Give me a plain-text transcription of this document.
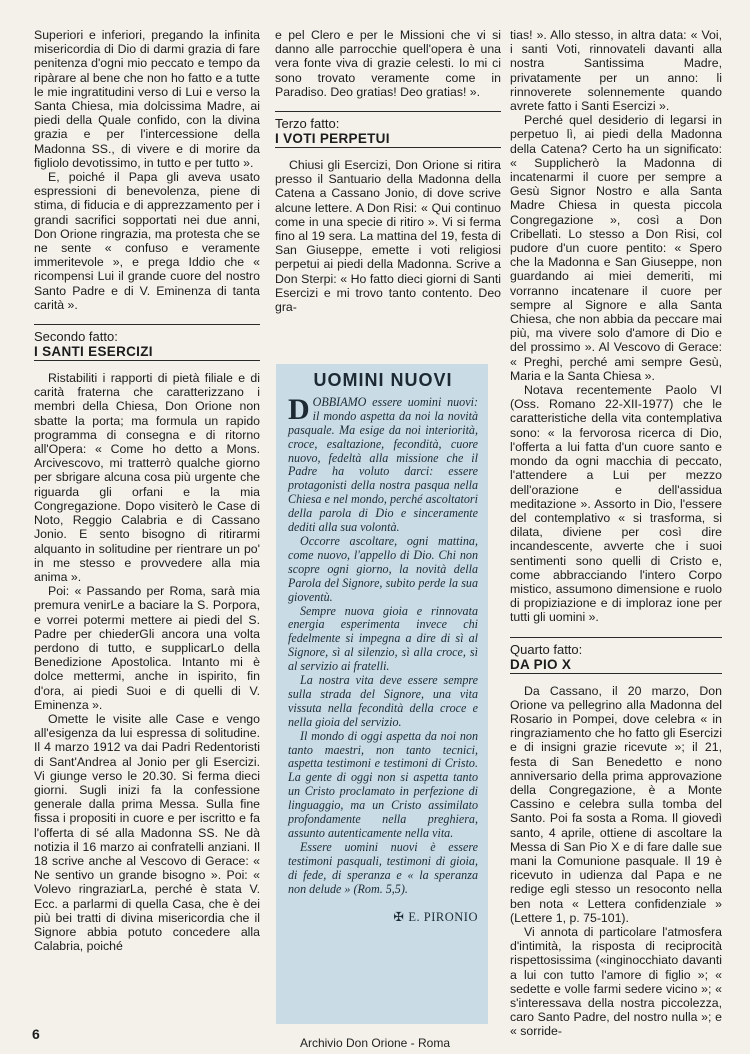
Superiori e inferiori, pregando la infinita misericordia di Dio di darmi grazia di fare penitenza d'ogni mio peccato e tempo da ripàrare al bene che non ho fatto e a tutte le mie ingratitudini verso di Lui e verso la Santa Chiesa, mia dolcissima Madre, ai piedi della Quale confido, con la divina grazia e per l'intercessione della Madonna SS., di vivere e di morire da figliolo devotissimo, in tutto e per tutto ».

E, poiché il Papa gli aveva usato espressioni di benevolenza, piene di stima, di fiducia e di apprezzamento per i grandi sacrifici sopportati nei due anni, Don Orione ringrazia, ma protesta che se ne sente « confuso e veramente immeritevole », e prega Iddio che « ricompensi Lui il grande cuore del nostro Santo Padre e di V. Eminenza di tanta carità ».

Secondo fatto:

I SANTI ESERCIZI

Ristabiliti i rapporti di pietà filiale e di carità fraterna che caratterizzano i membri della Chiesa, Don Orione non sbatte la porta; ma formula un rapido programma di consegna e di ritorno all'Opera: « Come ho detto a Mons. Arcivescovo, mi tratterrò qualche giorno per sbrigare alcuna cosa più urgente che riguarda gli orfani e la mia Congregazione. Dopo visiterò le Case di Noto, Reggio Calabria e di Cassano Jonio. E sento bisogno di ritirarmi alquanto in solitudine per rientrare un po' in me stesso e provvedere alla mia anima ».

Poi: « Passando per Roma, sarà mia premura venirLe a baciare la S. Porpora, e vorrei potermi mettere ai piedi del S. Padre per chiederGli ancora una volta perdono di tutto, e supplicarLo della Benedizione Apostolica. Intanto mi è dolce mettermi, anche in ispirito, fin d'ora, ai piedi Suoi e di quelli di V. Eminenza ».

Omette le visite alle Case e vengo all'esigenza da lui espressa di solitudine. Il 4 marzo 1912 va dai Padri Redentoristi di Sant'Andrea al Jonio per gli Esercizi. Vi giunge verso le 20.30. Si ferma dieci giorni. Sugli inizi fa la confessione generale dalla prima Messa. Sulla fine fissa i propositi in cuore e per iscritto e fa l'offerta di sé alla Madonna SS. Ne dà notizia il 16 marzo ai confratelli anziani. Il 18 scrive anche al Vescovo di Gerace: « Ne sentivo un grande bisogno ». Poi: « Volevo ringraziarLa, perché è stata V. Ecc. a parlarmi di quella Casa, che è dei più bei tratti di divina misericordia che il Signore abbia potuto concedere alla Calabria, poiché

e pel Clero e per le Missioni che vi si danno alle parrocchie quell'opera è una vera fonte viva di grazie celesti. Io mi ci sono trovato veramente come in Paradiso. Deo gratias! Deo gratias! ».

Terzo fatto:

I VOTI PERPETUI

Chiusi gli Esercizi, Don Orione si ritira presso il Santuario della Madonna della Catena a Cassano Jonio, di dove scrive alcune lettere. A Don Risi: « Qui continuo come in una specie di ritiro ». Vi si ferma fino al 19 sera. La mattina del 19, festa di San Giuseppe, emette i voti religiosi perpetui ai piedi della Madonna. Scrive a Don Sterpi: « Ho fatto dieci giorni di Santi Esercizi e mi trovo tanto contento. Deo gra-

UOMINI NUOVI

DOBBIAMO essere uomini nuovi: il mondo aspetta da noi la novità pasquale. Ma esige da noi interiorità, croce, esaltazione, fecondità, cuore nuovo, fedeltà alla missione che il Padre ha voluto darci: essere protagonisti della nostra pasqua nella Chiesa e nel mondo, perché ascoltatori della parola di Dio e sinceramente dediti alla sua volontà.

Occorre ascoltare, ogni mattina, come nuovo, l'appello di Dio. Chi non scopre ogni giorno, la novità della Parola del Signore, subito perde la sua gioventù.

Sempre nuova gioia e rinnovata energia esperimenta invece chi fedelmente si impegna a dire di sì al Signore, sì al silenzio, sì alla croce, sì al servizio ai fratelli.

La nostra vita deve essere sempre sulla strada del Signore, una vita vissuta nella fecondità della croce e nella gioia del servizio.

Il mondo di oggi aspetta da noi non tanto maestri, non tanto tecnici, aspetta testimoni e testimoni di Cristo. La gente di oggi non si aspetta tanto un Cristo proclamato in perfezione di linguaggio, ma un Cristo assimilato profondamente nella preghiera, assunto autenticamente nella vita.

Essere uomini nuovi è essere testimoni pasquali, testimoni di gioia, di fede, di speranza e « la speranza non delude » (Rom. 5,5).

✠ E. PIRONIO

tias! ». Allo stesso, in altra data: « Voi, i santi Voti, rinnovateli davanti alla nostra Santissima Madre, privatamente per un anno: li rinnoverete solennemente quando avrete fatto i Santi Esercizi ».

Perché quel desiderio di legarsi in perpetuo lì, ai piedi della Madonna della Catena? Certo ha un significato: « Supplicherò la Madonna di incatenarmi il cuore per sempre a Gesù Signor Nostro e alla Santa Madre Chiesa in questa piccola Congregazione », così a Don Cribellati. Lo stesso a Don Risi, col pudore d'un cuore pentito: « Spero che la Madonna e San Giuseppe, non guardando ai miei demeriti, mi vorranno incatenare il cuore per sempre al Signore e alla Santa Chiesa, che non abbia da peccare mai più, ma vivere solo d'amore di Dio e del prossimo ». Al Vescovo di Gerace: « Preghi, perché ami sempre Gesù, Maria e la Santa Chiesa ».

Notava recentemente Paolo VI (Oss. Romano 22-XII-1977) che le caratteristiche della vita contemplativa sono: « la fervorosa ricerca di Dio, l'offerta a lui fatta d'un cuore santo e mondo da ogni macchia di peccato, l'attendere a Lui per mezzo dell'orazione e dell'assidua meditazione ». Assorto in Dio, l'essere del contemplativo « si trasforma, si dilata, diviene per così dire incandescente, avverte che i suoi sentimenti sono quelli di Cristo e, come abbracciando l'intero Corpo mistico, assumono dimensione e ruolo di propiziazione e di imploraz ione per tutti gli uomini ».

Quarto fatto:

DA PIO X

Da Cassano, il 20 marzo, Don Orione va pellegrino alla Madonna del Rosario in Pompei, dove celebra « in ringraziamento che ho fatto gli Esercizi e di insigni grazie ricevute »; il 21, festa di San Benedetto e nono anniversario della prima approvazione della Congregazione, è a Monte Cassino e celebra sulla tomba del Santo. Poi fa sosta a Roma. Il giovedì santo, 4 aprile, ottiene di ascoltare la Messa di San Pio X e di fare dalle sue mani la Comunione pasquale. Il 19 è ricevuto in udienza dal Papa e ne redige egli stesso un resoconto nella ben nota « Lettera confidenziale » (Lettere 1, p. 75-101).

Vi annota di particolare l'atmosfera d'intimità, la risposta di reciprocità rispettosissima («inginocchiato davanti a lui con tutto l'amore di figlio »; « sedette e volle farmi sedere vicino »; « s'interessava della nostra piccolezza, caro Santo Padre, del nostro nulla »; e « sorride-

6
Archivio Don Orione - Roma
